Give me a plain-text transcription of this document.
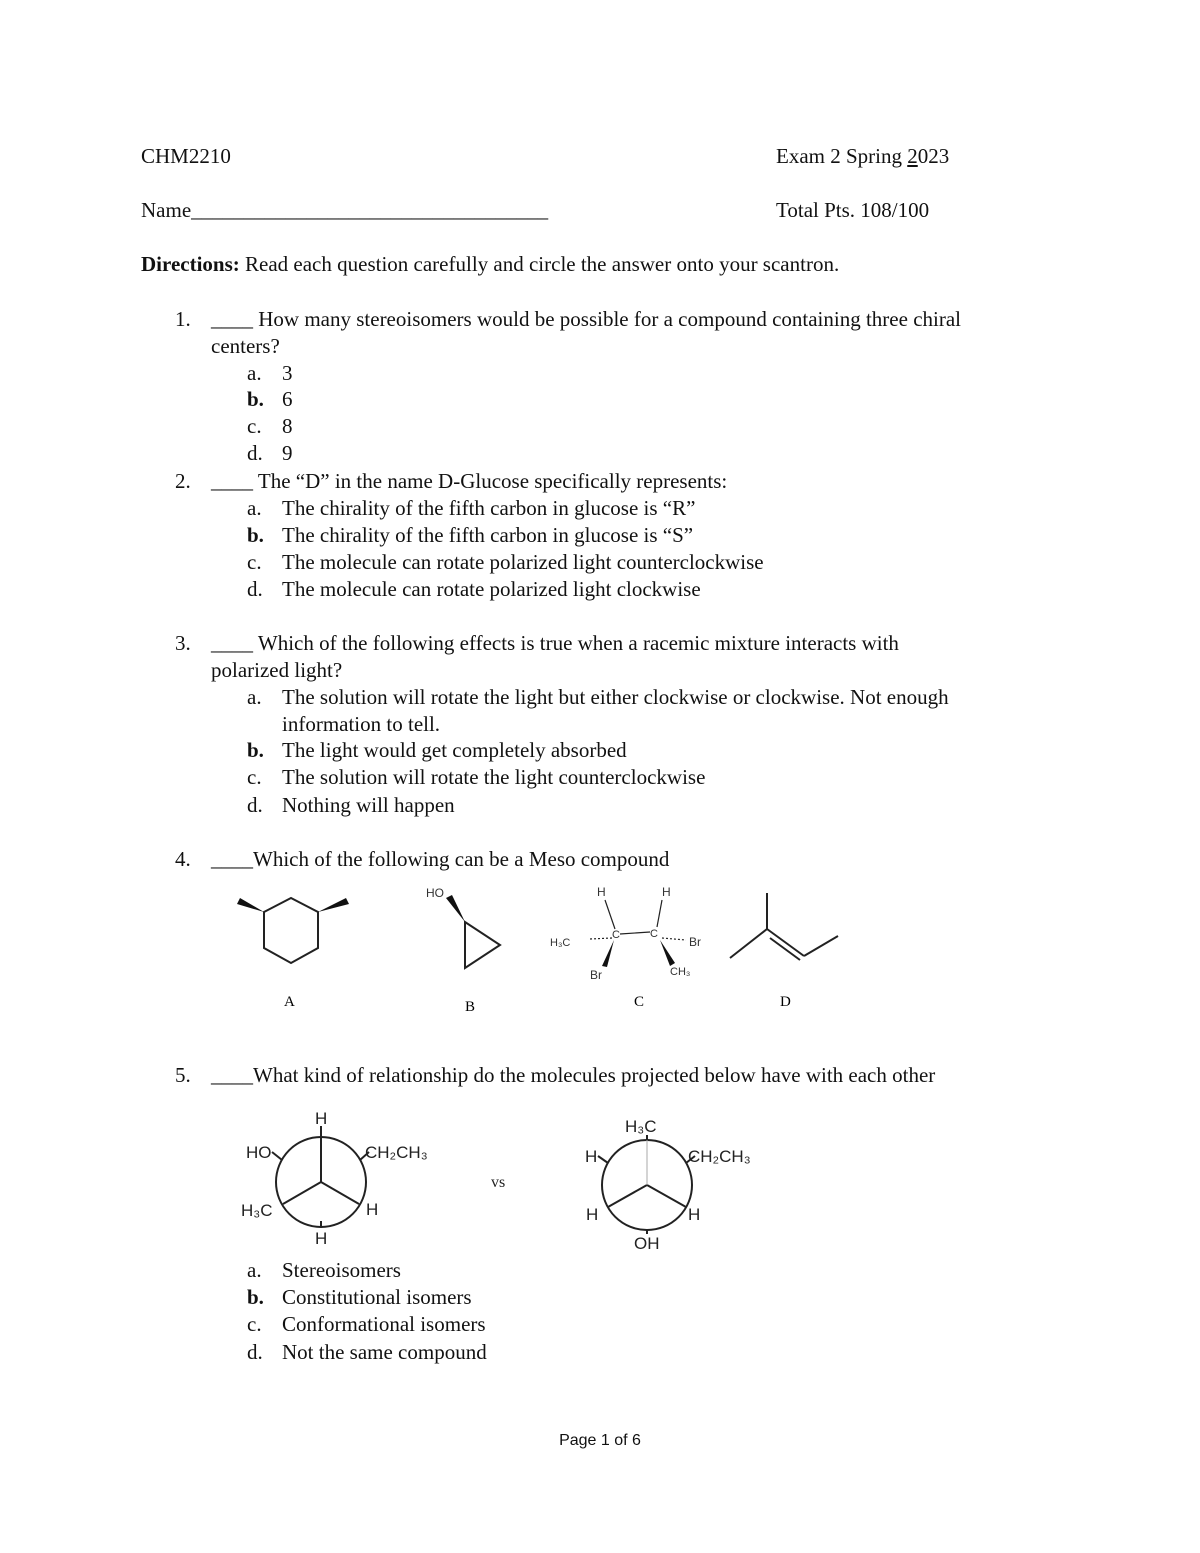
CHM2210	Exam 2 Spring 2023
Name__________________________________	Total Pts. 108/100
Directions: Read each question carefully and circle the answer onto your scantron.
1. ____ How many stereoisomers would be possible for a compound containing three chiral
centers?
a. 3
b. 6
c. 8
d. 9
2. ____ The “D” in the name D-Glucose specifically represents:
a. The chirality of the fifth carbon in glucose is “R”
b. The chirality of the fifth carbon in glucose is “S”
c. The molecule can rotate polarized light counterclockwise
d. The molecule can rotate polarized light clockwise
3. ____ Which of the following effects is true when a racemic mixture interacts with
polarized light?
a. The solution will rotate the light but either clockwise or clockwise. Not enough
information to tell.
b. The light would get completely absorbed
c. The solution will rotate the light counterclockwise
d. Nothing will happen
4. ____Which of the following can be a Meso compound
A
HO
B
H	H
H₃C
C	C
Br
Br	CH₃
C	D
H
HO	CH₂CH₃
H₃C	H
H
vs
H₃C
H	CH₂CH₃
H	H
OH
5. ____What kind of relationship do the molecules projected below have with each other
a. Stereoisomers
b. Constitutional isomers
c. Conformational isomers
d. Not the same compound
Page 1 of 6
